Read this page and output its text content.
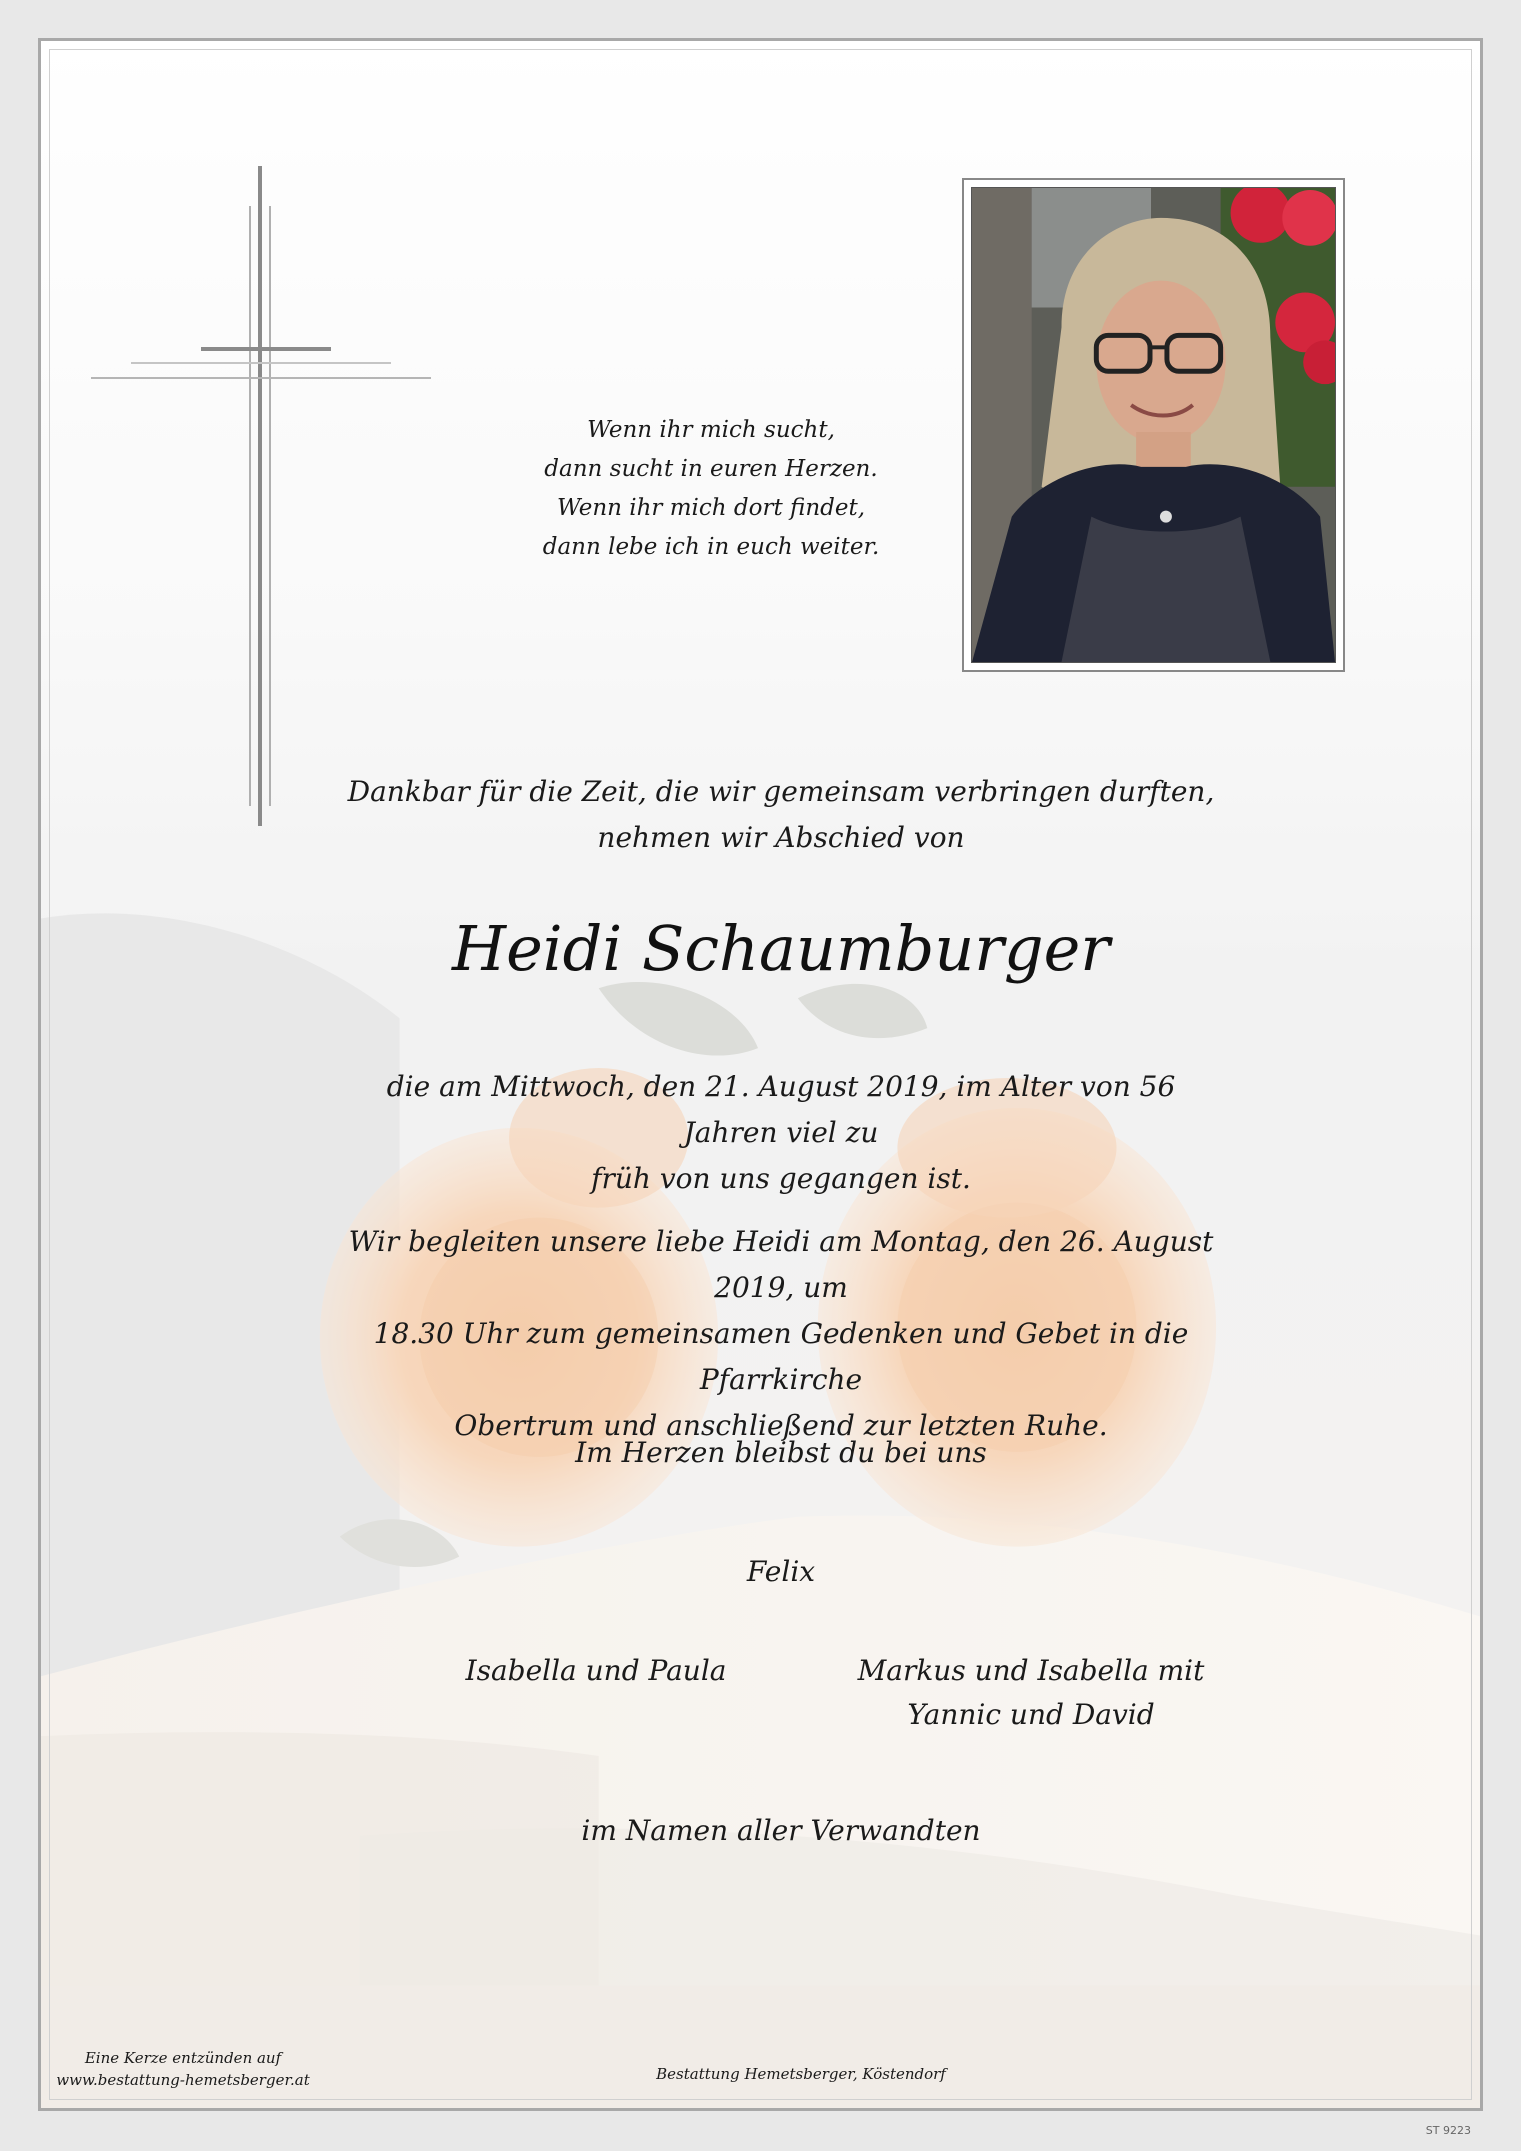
Wenn ihr mich sucht,
dann sucht in euren Herzen.
Wenn ihr mich dort findet,
dann lebe ich in euch weiter.
Dankbar für die Zeit, die wir gemeinsam verbringen durften,
nehmen wir Abschied von
Heidi Schaumburger
die am Mittwoch, den 21. August 2019, im Alter von 56 Jahren viel zu
früh von uns gegangen ist.
Wir begleiten unsere liebe Heidi am Montag, den 26. August 2019, um
18.30 Uhr zum gemeinsamen Gedenken und Gebet in die Pfarrkirche
Obertrum und anschließend zur letzten Ruhe.
Im Herzen bleibst du bei uns
Felix
Isabella und Paula	Markus und Isabella mit
Yannic und David
im Namen aller Verwandten
Eine Kerze entzünden auf
www.bestattung-hemetsberger.at	Bestattung Hemetsberger, Köstendorf
ST 9223
